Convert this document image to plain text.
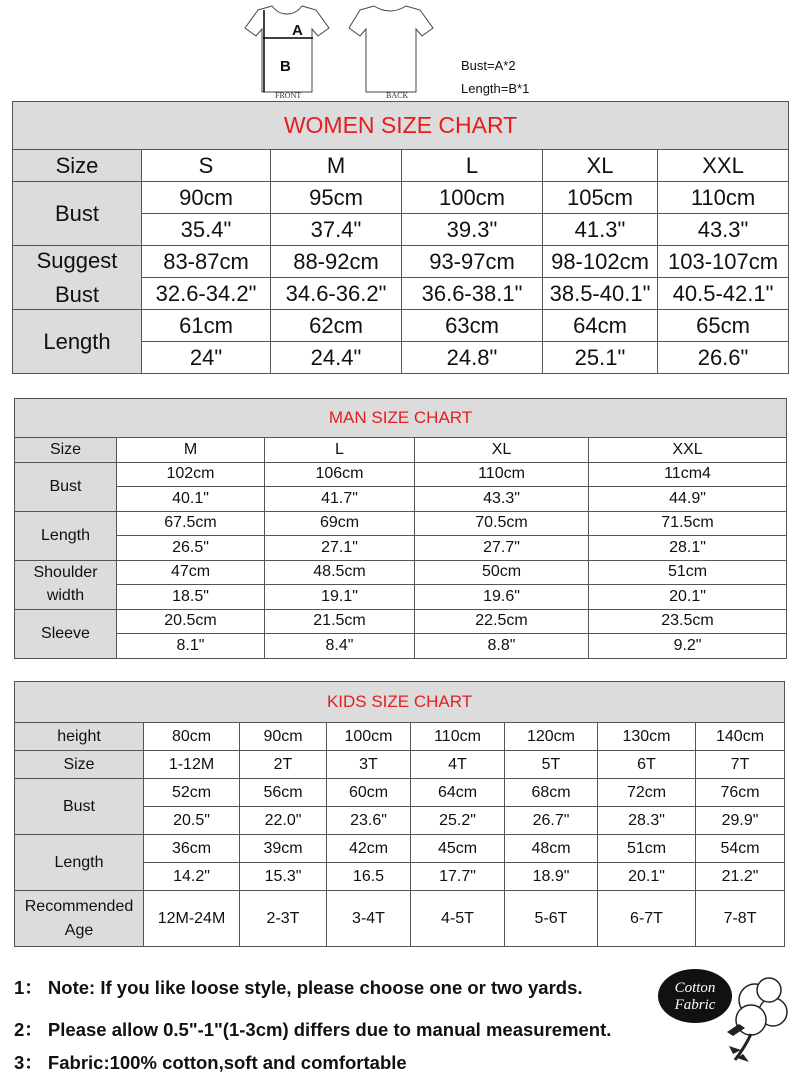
A
B
FRONT	BACK
Bust=A*2
Length=B*1
WOMEN SIZE CHART					
Size	S	M	L	XL	XXL

Bust	90cm	95cm	100cm	105cm	110cm
	35.4"	37.4"	39.3"	41.3"	43.3"

Suggest
Bust	83-87cm	88-92cm	93-97cm	98-102cm	103-107cm
	32.6-34.2"	34.6-36.2"	36.6-38.1"	38.5-40.1"	40.5-42.1"

Length	61cm	62cm	63cm	64cm	65cm
	24"	24.4"	24.8"	25.1"	26.6"
MAN SIZE CHART				
Size	M	L	XL	XXL

Bust	102cm	106cm	110cm	11cm4
	40.1"	41.7"	43.3"	44.9"

Length	67.5cm	69cm	70.5cm	71.5cm
	26.5"	27.1"	27.7"	28.1"

Shoulder
width	47cm	48.5cm	50cm	51cm
	18.5"	19.1"	19.6"	20.1"

Sleeve	20.5cm	21.5cm	22.5cm	23.5cm
	8.1"	8.4"	8.8"	9.2"
KIDS SIZE CHART							
height	80cm	90cm	100cm	110cm	120cm	130cm	140cm
Size	1-12M	2T	3T	4T	5T	6T	7T

Bust	52cm	56cm	60cm	64cm	68cm	72cm	76cm
	20.5"	22.0"	23.6"	25.2"	26.7"	28.3"	29.9"

Length	36cm	39cm	42cm	45cm	48cm	51cm	54cm
	14.2"	15.3"	16.5	17.7"	18.9"	20.1"	21.2"

Recommended
Age	12M-24M	2-3T	3-4T	4-5T	5-6T	6-7T	7-8T
1： Note: If you like loose style, please choose one or two yards.
2： Please allow 0.5"-1"(1-3cm) differs due to manual measurement.
3： Fabric:100% cotton,soft and comfortable
Cotton
Fabric
